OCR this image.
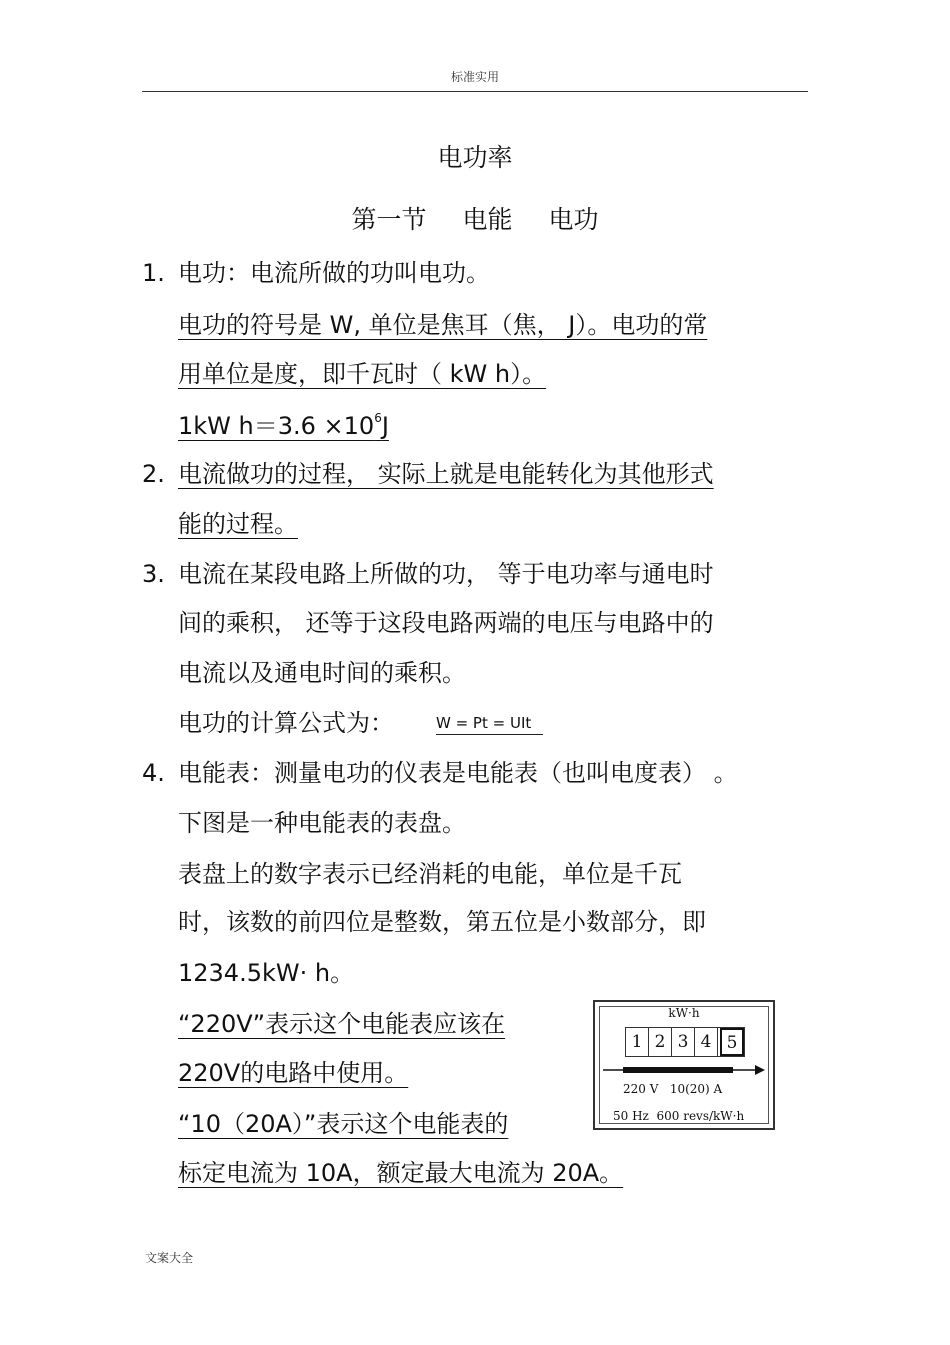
标准实用
电功率
第一节 电能 电功
1. 电功：电流所做的功叫电功。
电功的符号是 W, 单位是焦耳（焦， J）。电功的常
用单位是度，即千瓦时（ kW h）。
1kW $h=3.6 \times 10^6J$
2. 电流做功的过程， 实际上就是电能转化为其他形式
能的过程。
3. 电流在某段电路上所做的功， 等于电功率与通电时
间的乘积， 还等于这段电路两端的电压与电路中的
电流以及通电时间的乘积。
电功的计算公式为：	W = Pt = UIt
4. 电能表：测量电功的仪表是电能表（也叫电度表） 。
下图是一种电能表的表盘。
表盘上的数字表示已经消耗的电能，单位是千瓦
时，该数的前四位是整数，第五位是小数部分，即
1234.5kW· h。
“220V”表示这个电能表应该在
220V的电路中使用。
“10（20A）”表示这个电能表的
标定电流为 10A，额定最大电流为 20A。
kW·h
1 2 3 4 5
220 V   10(20) A
50 Hz  600 revs/kW·h
文案大全
